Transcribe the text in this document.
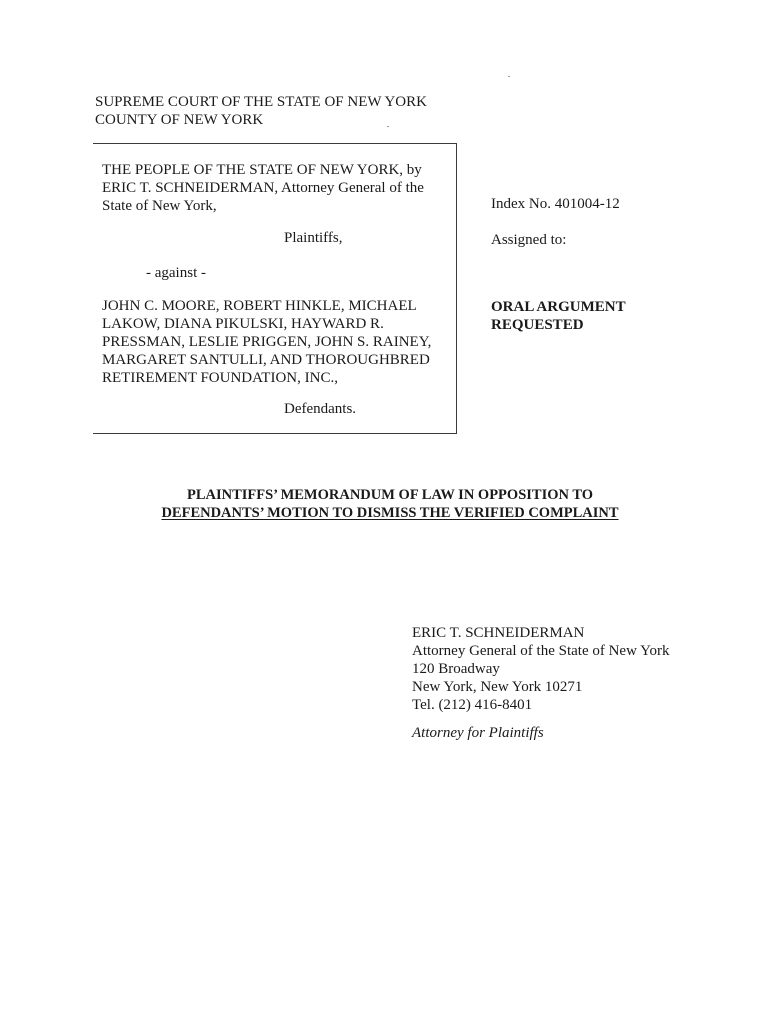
SUPREME COURT OF THE STATE OF NEW YORK
COUNTY OF NEW YORK
THE PEOPLE OF THE STATE OF NEW YORK, by
ERIC T. SCHNEIDERMAN, Attorney General of the
State of New York,
Plaintiffs,
- against -
JOHN C. MOORE, ROBERT HINKLE, MICHAEL
LAKOW, DIANA PIKULSKI, HAYWARD R.
PRESSMAN, LESLIE PRIGGEN, JOHN S. RAINEY,
MARGARET SANTULLI, AND THOROUGHBRED
RETIREMENT FOUNDATION, INC.,
Defendants.
Index No. 401004-12
Assigned to:
ORAL ARGUMENT
REQUESTED
PLAINTIFFS’ MEMORANDUM OF LAW IN OPPOSITION TO
DEFENDANTS’ MOTION TO DISMISS THE VERIFIED COMPLAINT
ERIC T. SCHNEIDERMAN
Attorney General of the State of New York
120 Broadway
New York, New York 10271
Tel. (212) 416-8401
Attorney for Plaintiffs
